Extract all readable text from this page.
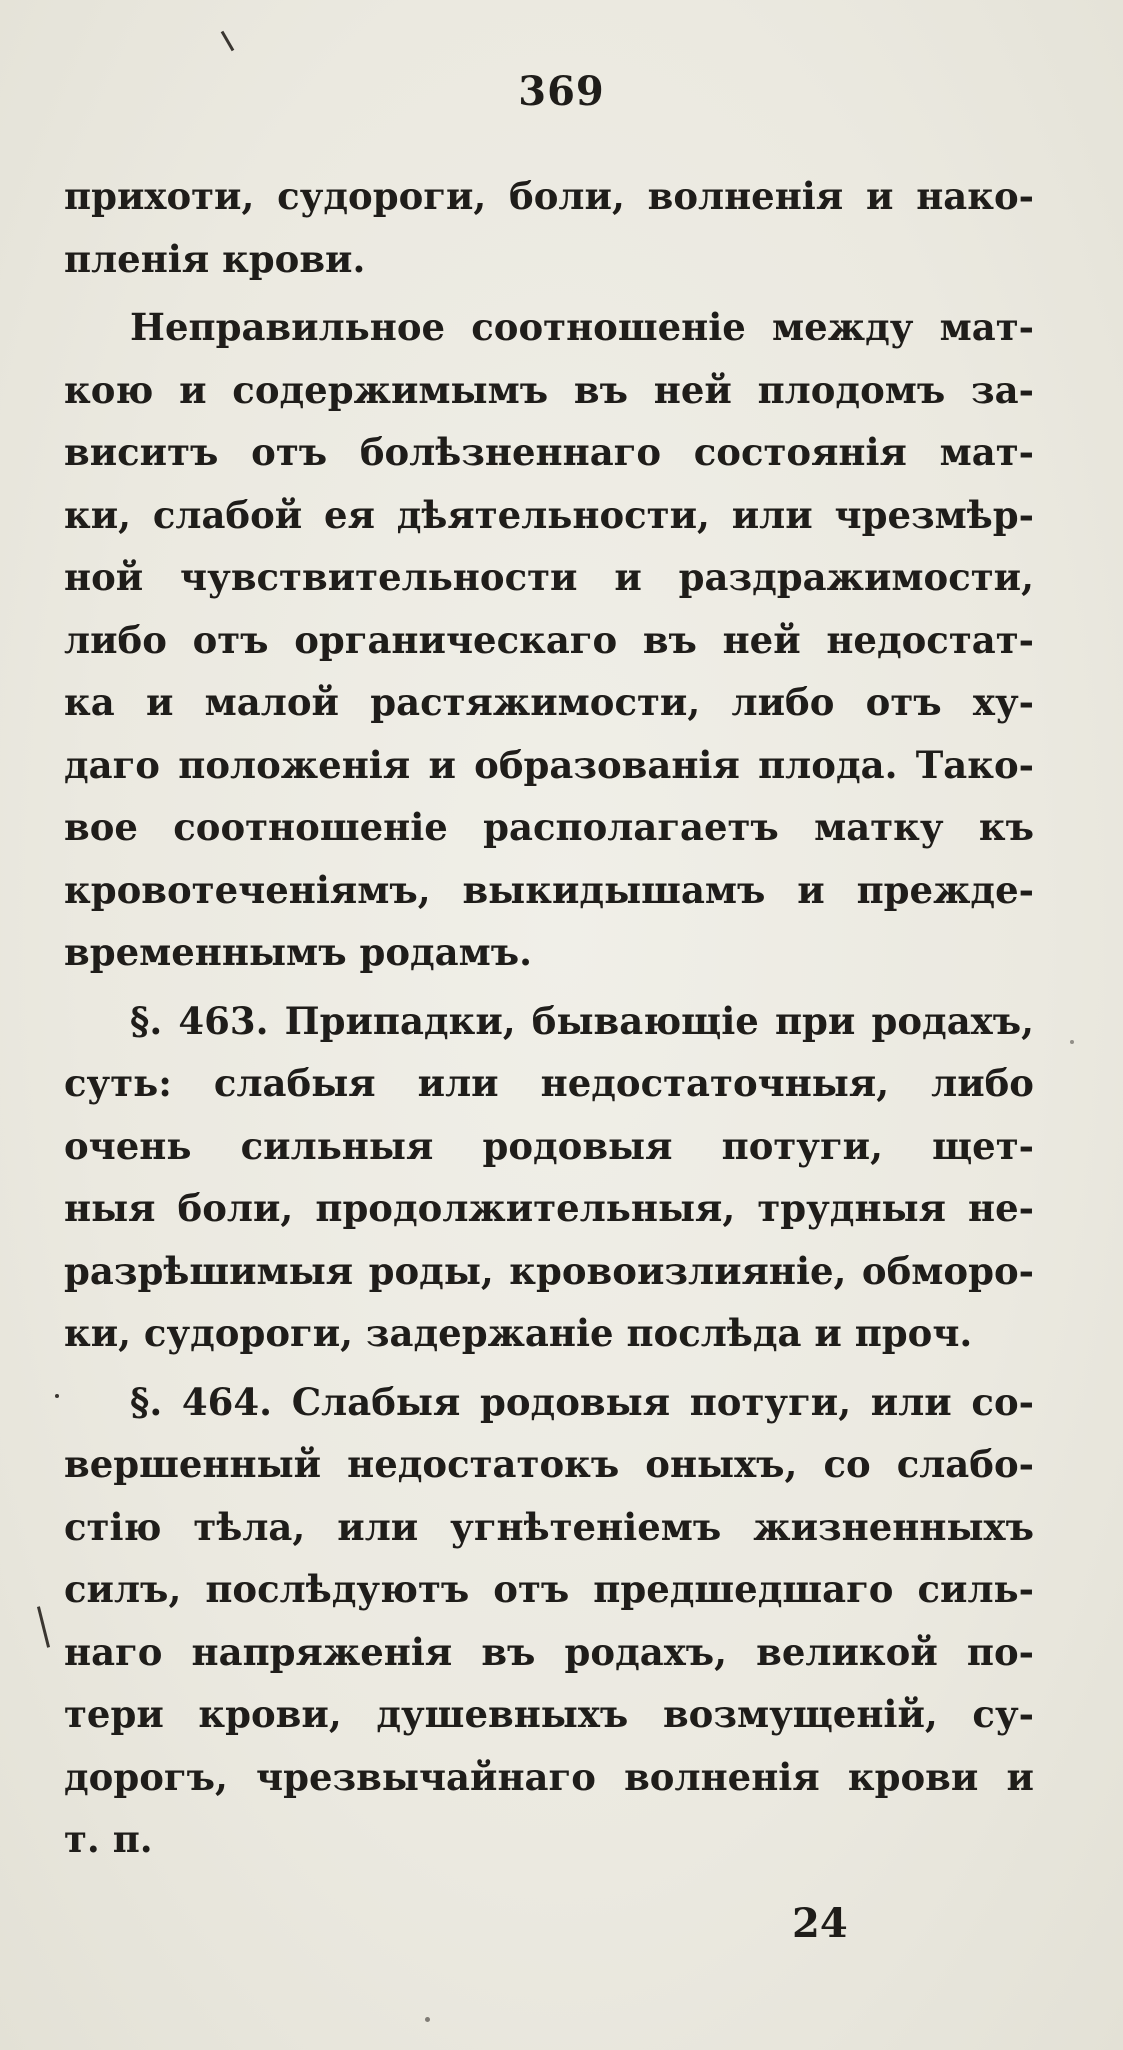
369
прихоти, судороги, боли, волненія и нако-
пленія крови.
Неправильное соотношеніе между мат-
кою и содержимымъ въ ней плодомъ за-
виситъ отъ болѣзненнаго состоянія мат-
ки, слабой ея дѣятельности, или чрезмѣр-
ной чувствительности и раздражимости,
либо отъ органическаго въ ней недостат-
ка и малой растяжимости, либо отъ ху-
даго положенія и образованія плода. Тако-
вое соотношеніе располагаетъ матку къ
кровотеченіямъ, выкидышамъ и прежде-
временнымъ родамъ.
§. 463. Припадки, бывающіе при родахъ,
суть: слабыя или недостаточныя, либо
очень сильныя родовыя потуги, щет-
ныя боли, продолжительныя, трудныя не-
разрѣшимыя роды, кровоизлияніе, обморо-
ки, судороги, задержаніе послѣда и проч.
§. 464. Слабыя родовыя потуги, или со-
вершенный недостатокъ оныхъ, со слабо-
стію тѣла, или угнѣтеніемъ жизненныхъ
силъ, послѣдуютъ отъ предшедшаго силь-
наго напряженія въ родахъ, великой по-
тери крови, душевныхъ возмущеній, су-
дорогъ, чрезвычайнаго волненія крови и
т. п.
24
